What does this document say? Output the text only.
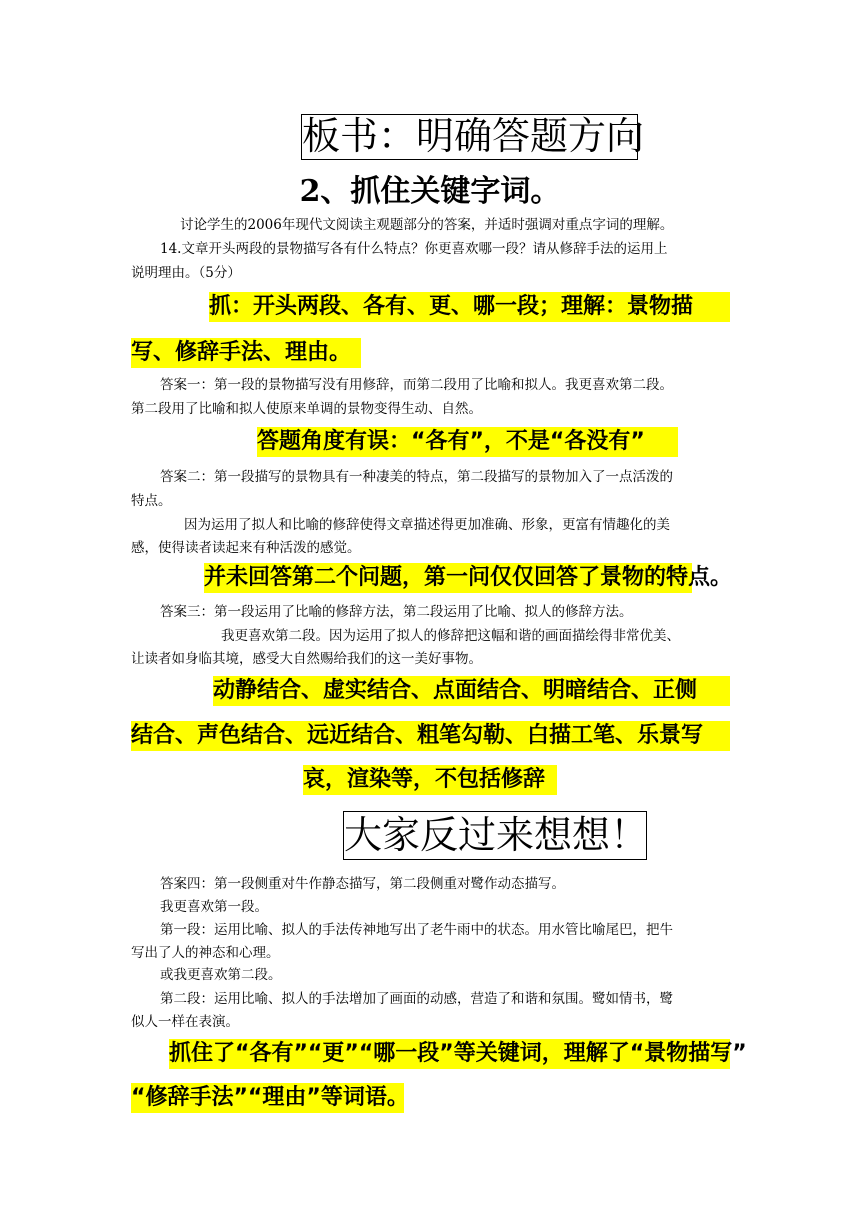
板书：明确答题方向
2、抓住关键字词。
讨论学生的2006年现代文阅读主观题部分的答案，并适时强调对重点字词的理解。
14.文章开头两段的景物描写各有什么特点？你更喜欢哪一段？请从修辞手法的运用上
说明理由。（5分）
抓：开头两段、各有、更、哪一段；理解：景物描
写、修辞手法、理由。
答案一：第一段的景物描写没有用修辞，而第二段用了比喻和拟人。我更喜欢第二段。
第二段用了比喻和拟人使原来单调的景物变得生动、自然。
答题角度有误：“各有”，不是“各没有”
答案二：第一段描写的景物具有一种凄美的特点，第二段描写的景物加入了一点活泼的
特点。
因为运用了拟人和比喻的修辞使得文章描述得更加准确、形象，更富有情趣化的美
感，使得读者读起来有种活泼的感觉。
并未回答第二个问题，第一问仅仅回答了景物的特点。
答案三：第一段运用了比喻的修辞方法，第二段运用了比喻、拟人的修辞方法。
我更喜欢第二段。因为运用了拟人的修辞把这幅和谐的画面描绘得非常优美、
让读者如身临其境，感受大自然赐给我们的这一美好事物。
动静结合、虚实结合、点面结合、明暗结合、正侧
结合、声色结合、远近结合、粗笔勾勒、白描工笔、乐景写
哀，渲染等，不包括修辞
大家反过来想想！
答案四：第一段侧重对牛作静态描写，第二段侧重对鹭作动态描写。
我更喜欢第一段。
第一段：运用比喻、拟人的手法传神地写出了老牛雨中的状态。用水管比喻尾巴，把牛
写出了人的神态和心理。
或我更喜欢第二段。
第二段：运用比喻、拟人的手法增加了画面的动感，营造了和谐和氛围。鹭如情书，鹭
似人一样在表演。
抓住了“各有”“更”“哪一段”等关键词，理解了“景物描写”
“修辞手法”“理由”等词语。
